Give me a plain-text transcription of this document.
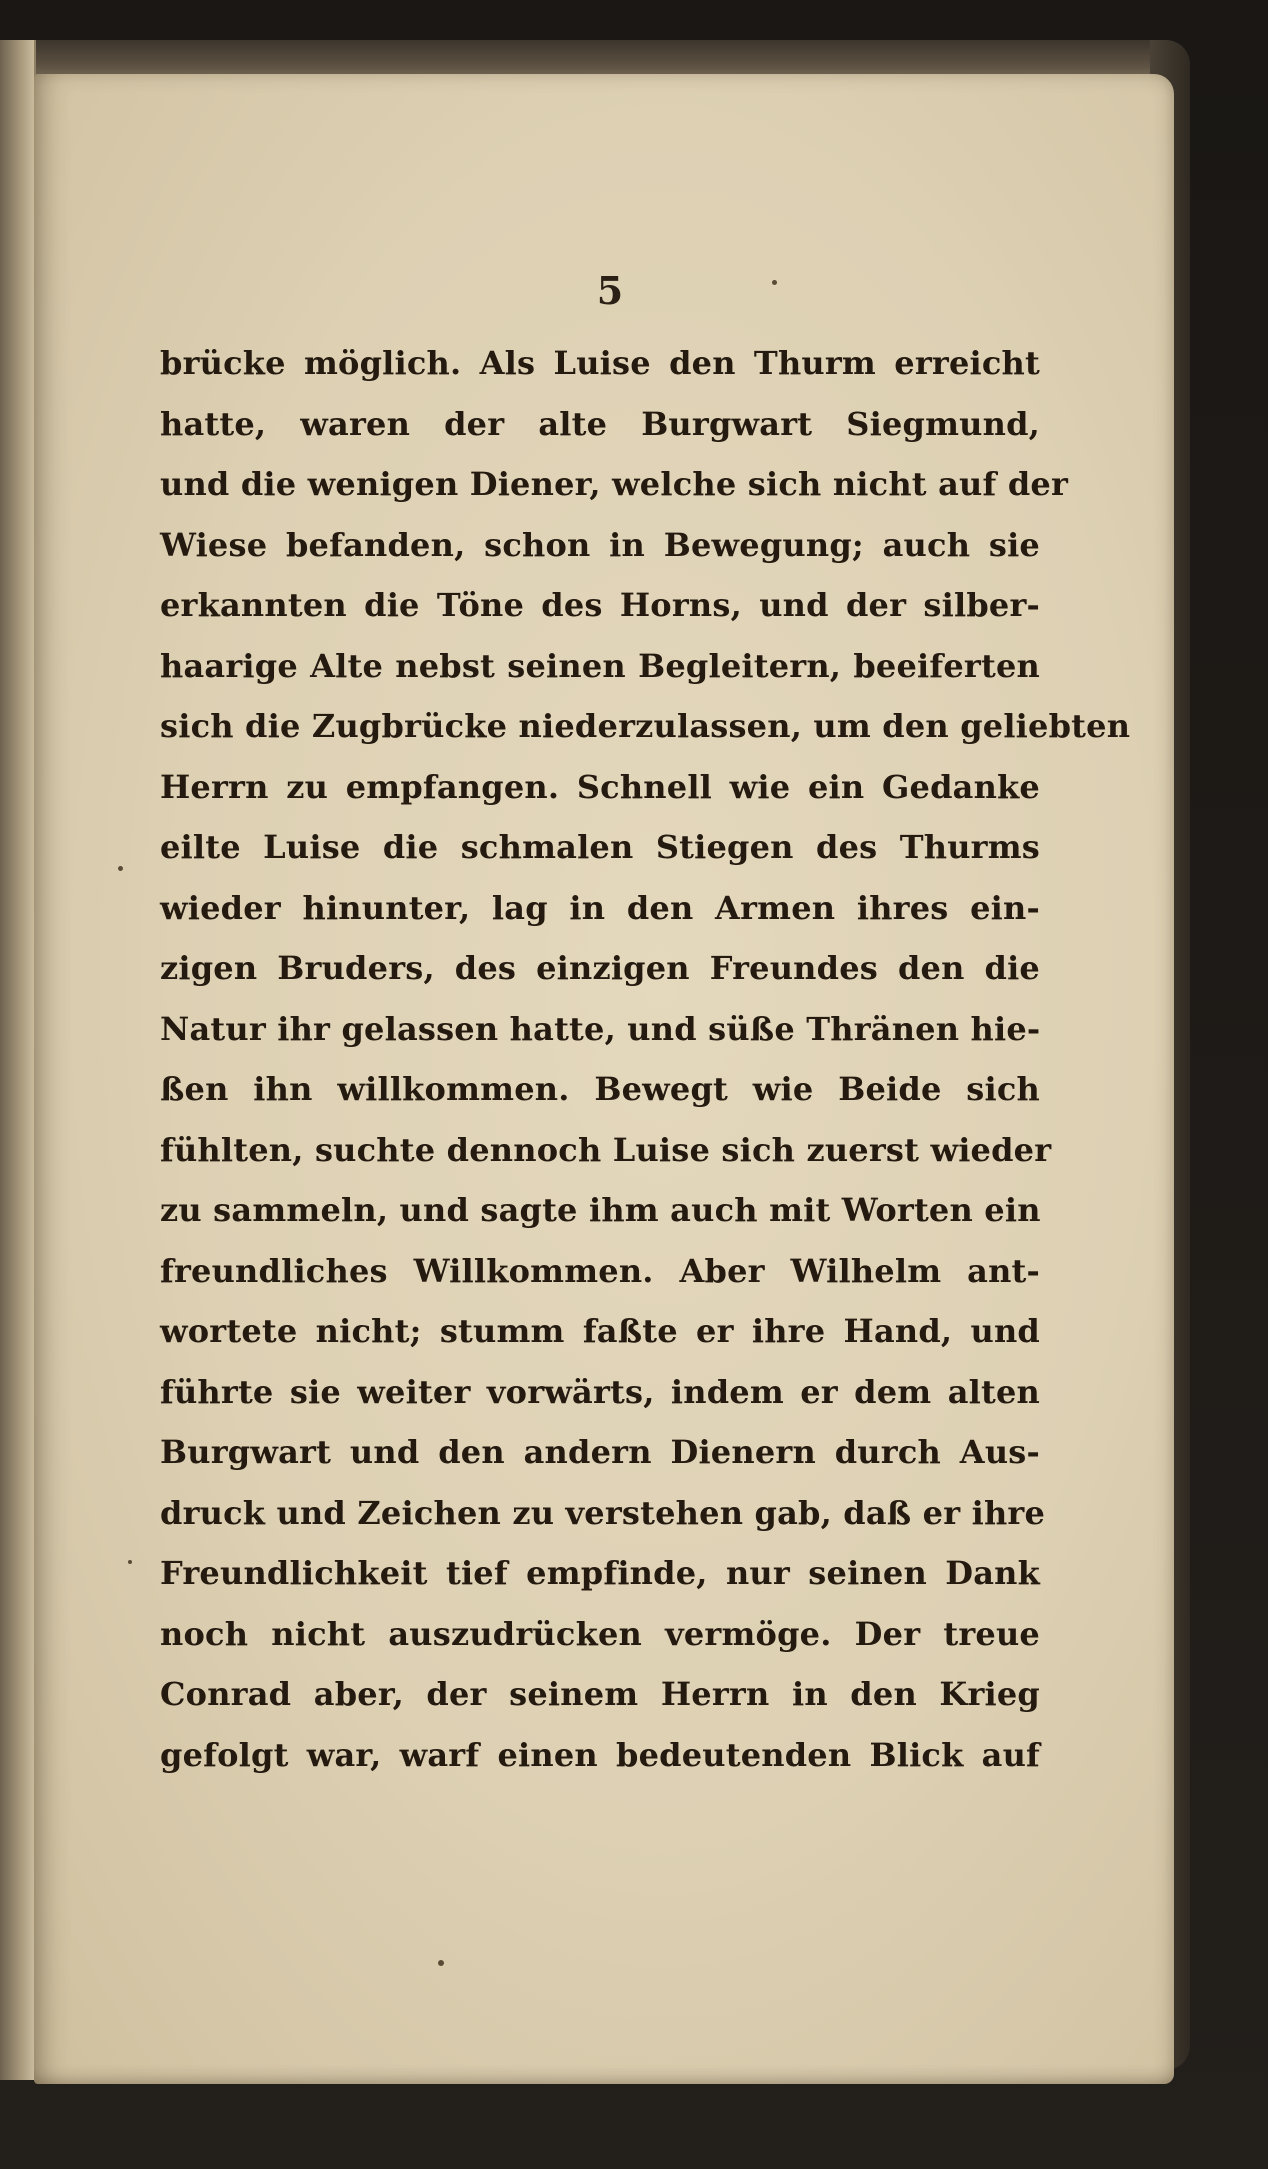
5
brücke möglich. Als Luise den Thurm erreicht
hatte, waren der alte Burgwart Siegmund,
und die wenigen Diener, welche sich nicht auf der
Wiese befanden, schon in Bewegung; auch sie
erkannten die Töne des Horns, und der silber-
haarige Alte nebst seinen Begleitern, beeiferten
sich die Zugbrücke niederzulassen, um den geliebten
Herrn zu empfangen. Schnell wie ein Gedanke
eilte Luise die schmalen Stiegen des Thurms
wieder hinunter, lag in den Armen ihres ein-
zigen Bruders, des einzigen Freundes den die
Natur ihr gelassen hatte, und süße Thränen hie-
ßen ihn willkommen. Bewegt wie Beide sich
fühlten, suchte dennoch Luise sich zuerst wieder
zu sammeln, und sagte ihm auch mit Worten ein
freundliches Willkommen. Aber Wilhelm ant-
wortete nicht; stumm faßte er ihre Hand, und
führte sie weiter vorwärts, indem er dem alten
Burgwart und den andern Dienern durch Aus-
druck und Zeichen zu verstehen gab, daß er ihre
Freundlichkeit tief empfinde, nur seinen Dank
noch nicht auszudrücken vermöge. Der treue
Conrad aber, der seinem Herrn in den Krieg
gefolgt war, warf einen bedeutenden Blick auf
